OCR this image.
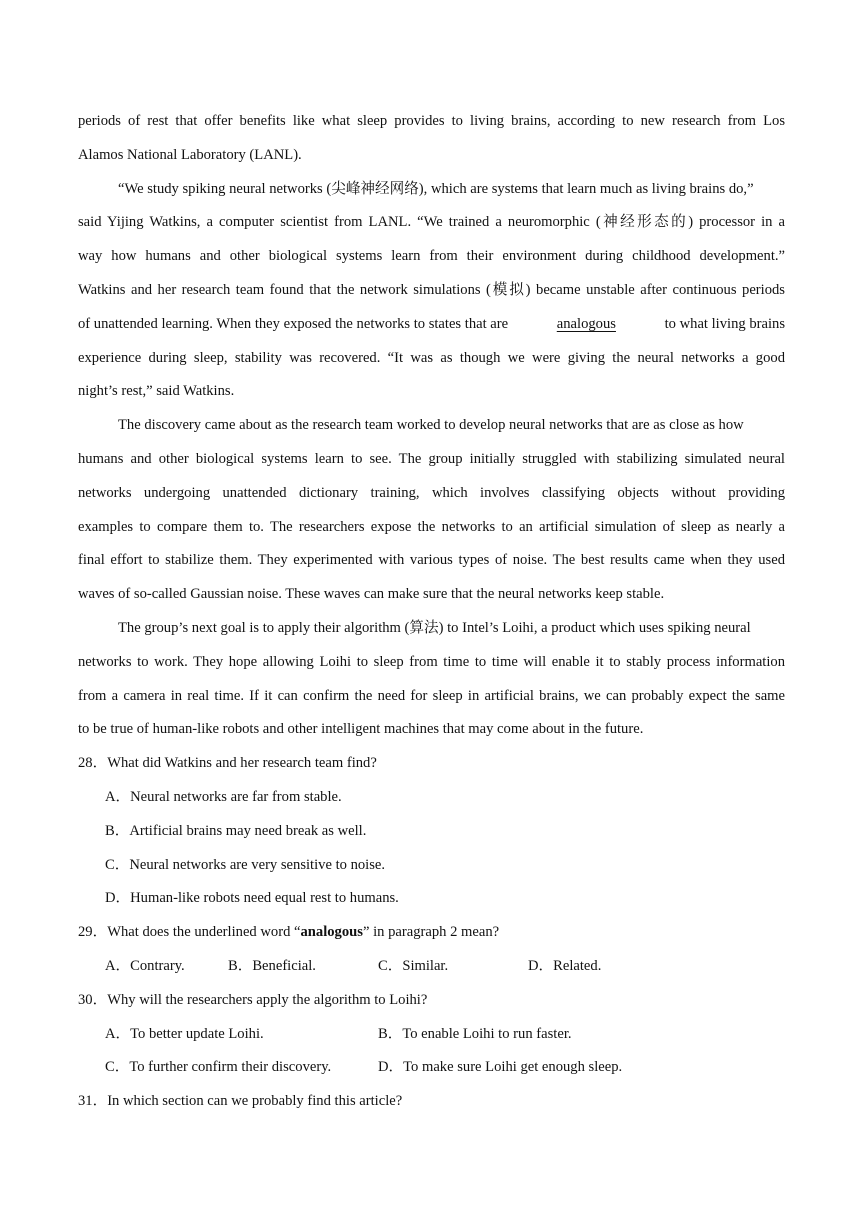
periods of rest that offer benefits like what sleep provides to living brains, according to new research from Los
Alamos National Laboratory (LANL).
“We study spiking neural networks (尖峰神经网络), which are systems that learn much as living brains do,”
said Yijing Watkins, a computer scientist from LANL. “We trained a neuromorphic (神经形态的) processor in a
way how humans and other biological systems learn from their environment during childhood development.”
Watkins and her research team found that the network simulations (模拟) became unstable after continuous periods
of unattended learning. When they exposed the networks to states that are	analogous	to what living brains
experience during sleep, stability was recovered. “It was as though we were giving the neural networks a good
night’s rest,” said Watkins.
The discovery came about as the research team worked to develop neural networks that are as close as how
humans and other biological systems learn to see. The group initially struggled with stabilizing simulated neural
networks undergoing unattended dictionary training, which involves classifying objects without providing
examples to compare them to. The researchers expose the networks to an artificial simulation of sleep as nearly a
final effort to stabilize them. They experimented with various types of noise. The best results came when they used
waves of so-called Gaussian noise. These waves can make sure that the neural networks keep stable.
The group’s next goal is to apply their algorithm (算法) to Intel’s Loihi, a product which uses spiking neural
networks to work. They hope allowing Loihi to sleep from time to time will enable it to stably process information
from a camera in real time. If it can confirm the need for sleep in artificial brains, we can probably expect the same
to be true of human-like robots and other intelligent machines that may come about in the future.
28．What did Watkins and her research team find?
A．Neural networks are far from stable.
B．Artificial brains may need break as well.
C．Neural networks are very sensitive to noise.
D．Human-like robots need equal rest to humans.
29．What does the underlined word “analogous” in paragraph 2 mean?
A．Contrary.	B．Beneficial.	C．Similar.	D．Related.
30．Why will the researchers apply the algorithm to Loihi?
A．To better update Loihi.	B．To enable Loihi to run faster.
C．To further confirm their discovery.	D．To make sure Loihi get enough sleep.
31．In which section can we probably find this article?
